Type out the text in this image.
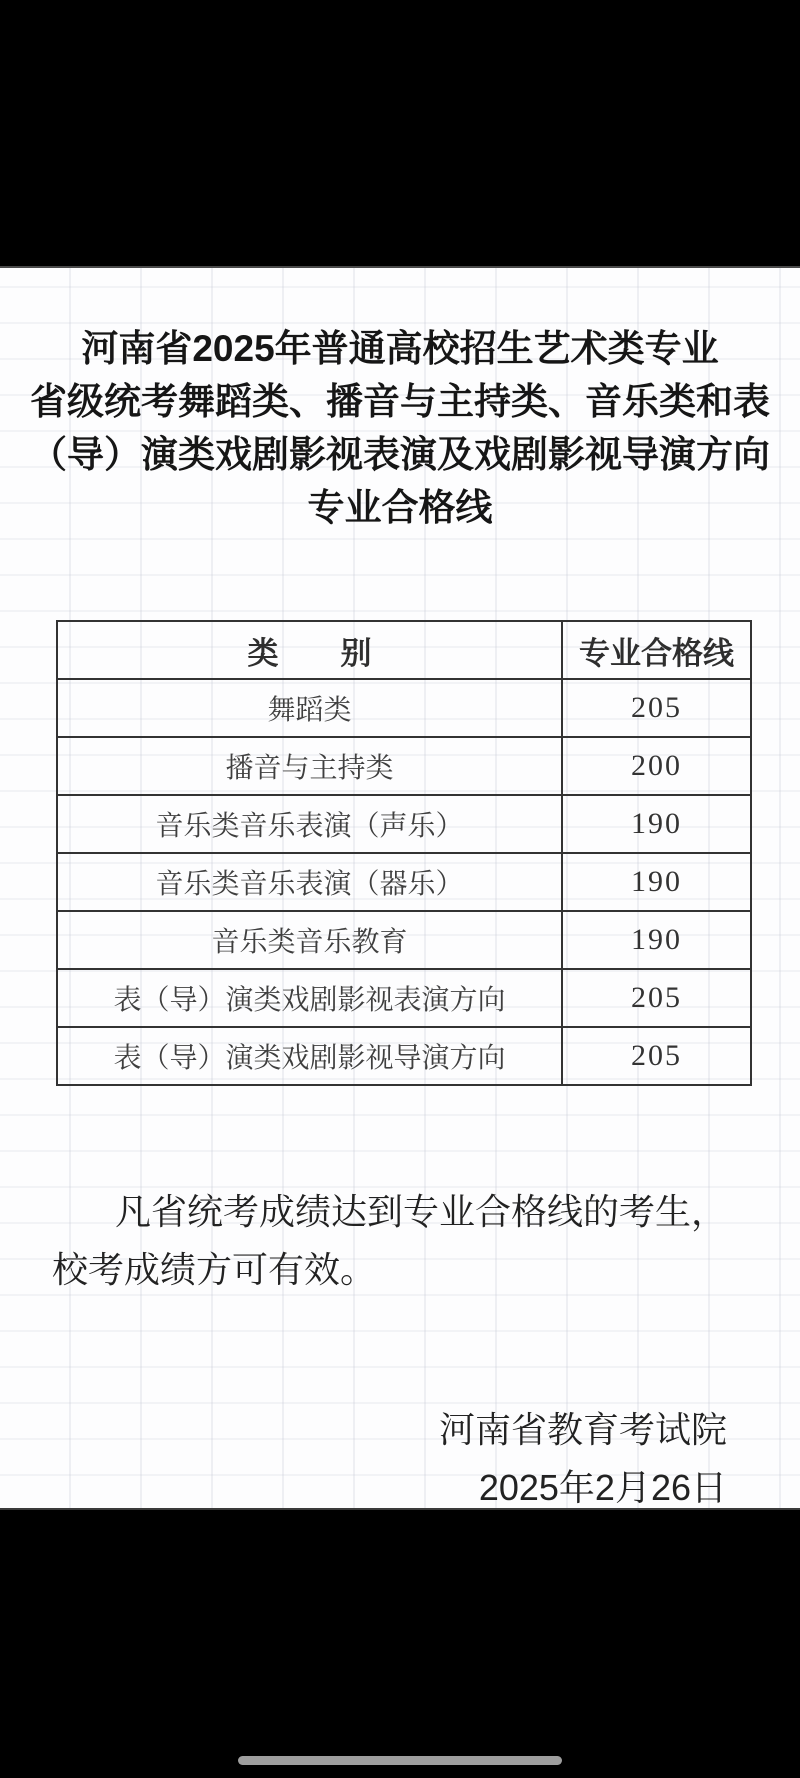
河南省2025年普通高校招生艺术类专业
省级统考舞蹈类、播音与主持类、音乐类和表
（导）演类戏剧影视表演及戏剧影视导演方向
专业合格线
类　　别	专业合格线
舞蹈类	205
播音与主持类	200
音乐类音乐表演（声乐）	190
音乐类音乐表演（器乐）	190
音乐类音乐教育	190
表（导）演类戏剧影视表演方向	205
表（导）演类戏剧影视导演方向	205
凡省统考成绩达到专业合格线的考生，
校考成绩方可有效。
河南省教育考试院
2025年2月26日
